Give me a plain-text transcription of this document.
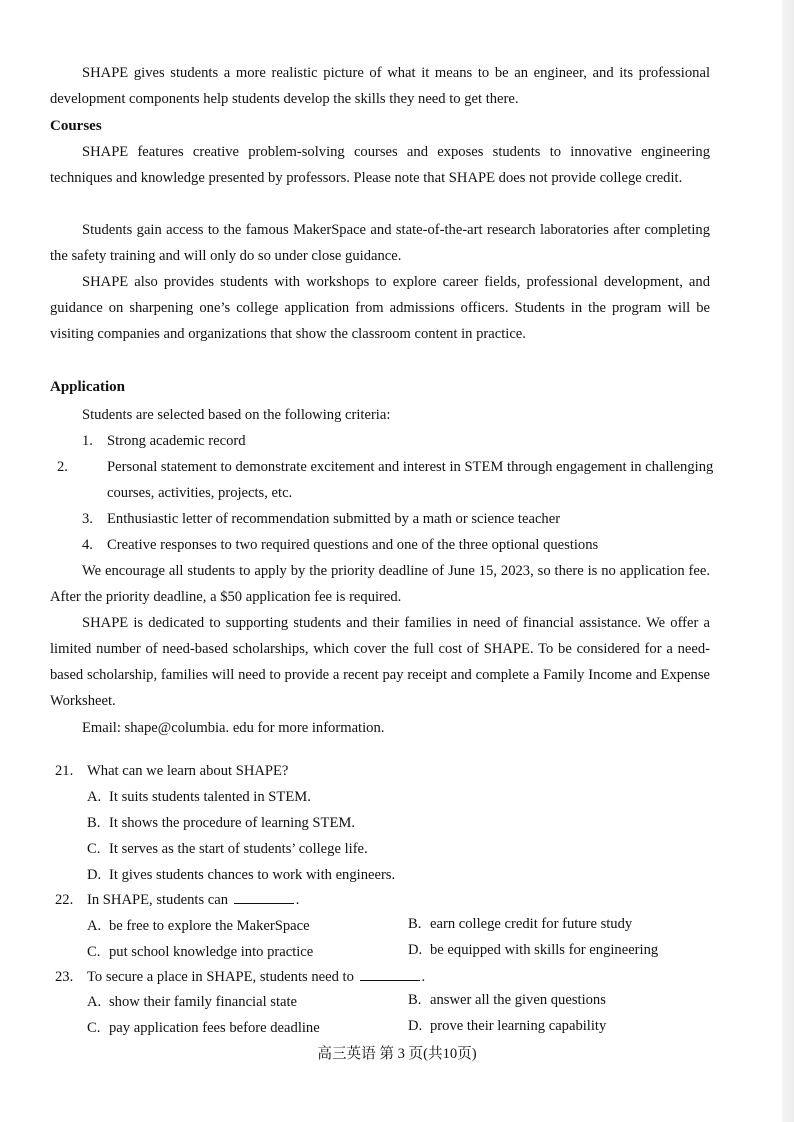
SHAPE gives students a more realistic picture of what it means to be an engineer, and its professional development components help students develop the skills they need to get there.
Courses
SHAPE features creative problem-solving courses and exposes students to innovative engineering techniques and knowledge presented by professors. Please note that SHAPE does not provide college credit.
Students gain access to the famous MakerSpace and state-of-the-art research laboratories after completing the safety training and will only do so under close guidance.
SHAPE also provides students with workshops to explore career fields, professional development, and guidance on sharpening one’s college application from admissions officers. Students in the program will be visiting companies and organizations that show the classroom content in practice.
Application
Students are selected based on the following criteria:
1. Strong academic record
2.	Personal statement to demonstrate excitement and interest in STEM through engagement in challenging courses, activities, projects, etc.
3. Enthusiastic letter of recommendation submitted by a math or science teacher
4. Creative responses to two required questions and one of the three optional questions
We encourage all students to apply by the priority deadline of June 15, 2023, so there is no application fee. After the priority deadline, a $50 application fee is required.
SHAPE is dedicated to supporting students and their families in need of financial assistance. We offer a limited number of need-based scholarships, which cover the full cost of SHAPE. To be considered for a need-based scholarship, families will need to provide a recent pay receipt and complete a Family Income and Expense Worksheet.
Email: shape@columbia. edu for more information.
21. What can we learn about SHAPE?
A. It suits students talented in STEM.
B. It shows the procedure of learning STEM.
C. It serves as the start of students’ college life.
D. It gives students chances to work with engineers.
22. In SHAPE, students can	.
A. be free to explore the MakerSpace	B. earn college credit for future study
C. put school knowledge into practice	D. be equipped with skills for engineering
23. To secure a place in SHAPE, students need to	.
A. show their family financial state	B. answer all the given questions
C. pay application fees before deadline	D. prove their learning capability
高三英语 第 3 页(共10页)
